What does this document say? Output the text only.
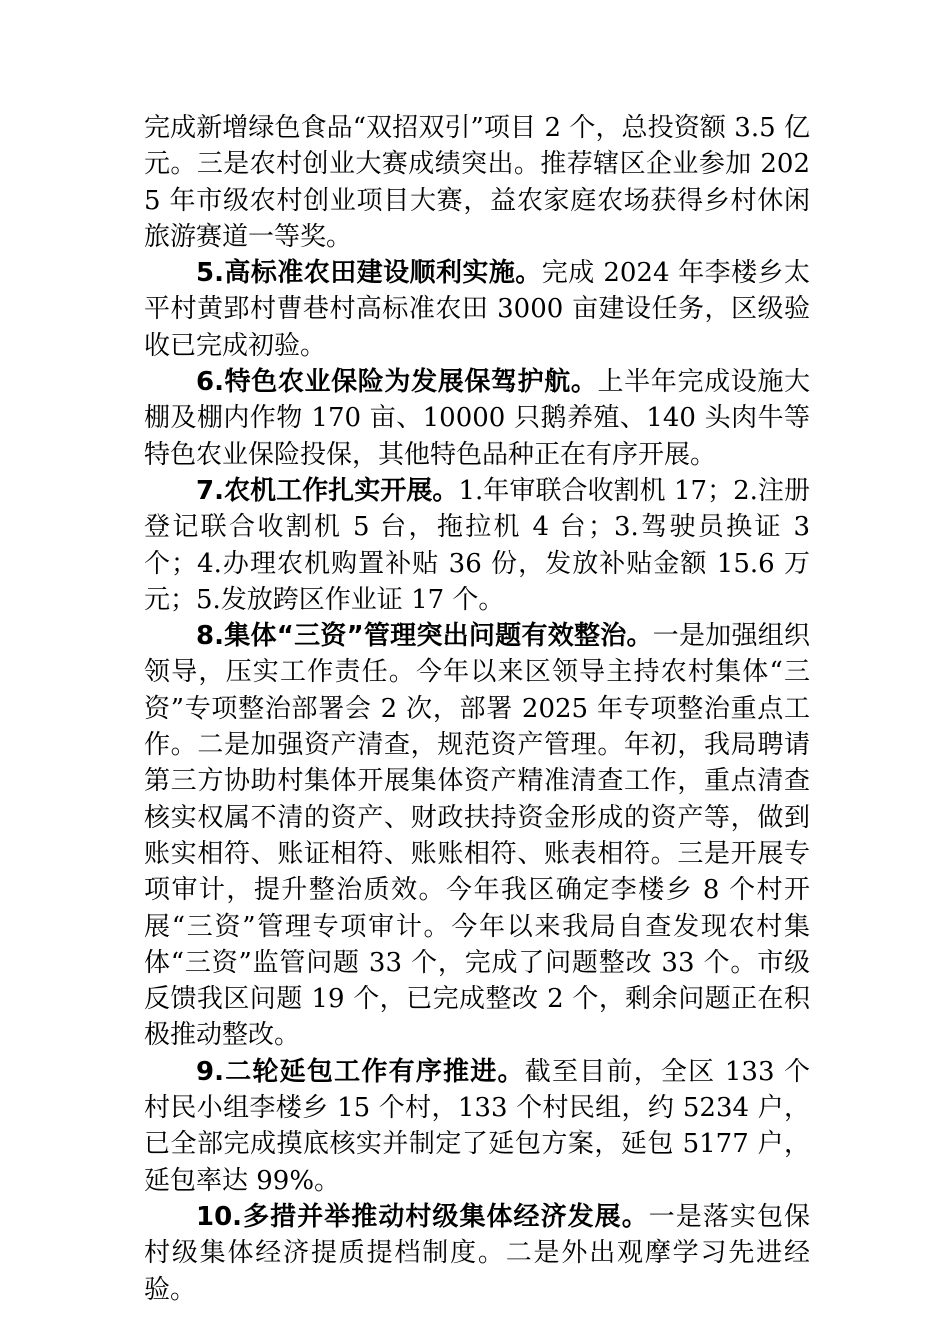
完成新增绿色食品“双招双引”项目 2 个，总投资额 3.5 亿元。三是农村创业大赛成绩突出。推荐辖区企业参加 2025 年市级农村创业项目大赛，益农家庭农场获得乡村休闲旅游赛道一等奖。

5.高标准农田建设顺利实施。完成 2024 年李楼乡太平村黄郢村曹巷村高标准农田 3000 亩建设任务，区级验收已完成初验。

6.特色农业保险为发展保驾护航。上半年完成设施大棚及棚内作物 170 亩、10000 只鹅养殖、140 头肉牛等特色农业保险投保，其他特色品种正在有序开展。

7.农机工作扎实开展。1.年审联合收割机 17；2.注册登记联合收割机 5 台，拖拉机 4 台；3.驾驶员换证 3 个；4.办理农机购置补贴 36 份，发放补贴金额 15.6 万元；5.发放跨区作业证 17 个。

8.集体“三资”管理突出问题有效整治。一是加强组织领导，压实工作责任。今年以来区领导主持农村集体“三资”专项整治部署会 2 次，部署 2025 年专项整治重点工作。二是加强资产清查，规范资产管理。年初，我局聘请第三方协助村集体开展集体资产精准清查工作，重点清查核实权属不清的资产、财政扶持资金形成的资产等，做到账实相符、账证相符、账账相符、账表相符。三是开展专项审计，提升整治质效。今年我区确定李楼乡 8 个村开展“三资”管理专项审计。今年以来我局自查发现农村集体“三资”监管问题 33 个，完成了问题整改 33 个。市级反馈我区问题 19 个，已完成整改 2 个，剩余问题正在积极推动整改。

9.二轮延包工作有序推进。截至目前，全区 133 个村民小组李楼乡 15 个村，133 个村民组，约 5234 户，已全部完成摸底核实并制定了延包方案，延包 5177 户，延包率达 99%。

10.多措并举推动村级集体经济发展。一是落实包保村级集体经济提质提档制度。二是外出观摩学习先进经验。
